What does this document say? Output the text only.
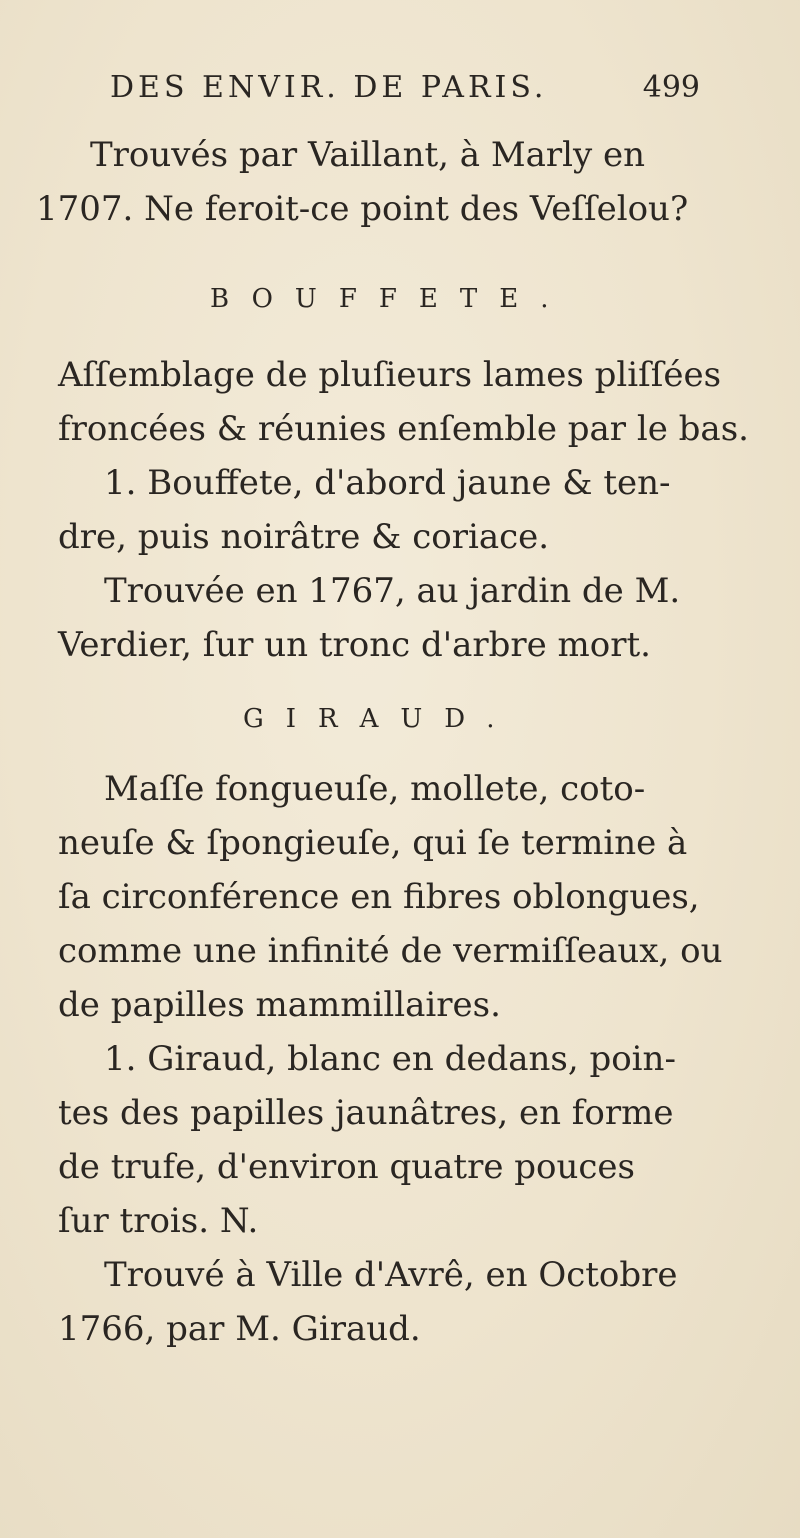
DES ENVIR. DE PARIS.	499
Trouvés par Vaillant, à Marly en
1707. Ne feroit-ce point des Veſſelou?
BOUFFETE.
Aſſemblage de pluſieurs lames pliſſées
froncées & réunies enſemble par le bas.
1. Bouffete, d'abord jaune & ten-
dre, puis noirâtre & coriace.
Trouvée en 1767, au jardin de M.
Verdier, ſur un tronc d'arbre mort.
GIRAUD.
Maſſe fongueuſe, mollete, coto-
neuſe & ſpongieuſe, qui ſe termine à
ſa circonférence en fibres oblongues,
comme une infinité de vermiſſeaux, ou
de papilles mammillaires.
1. Giraud, blanc en dedans, poin-
tes des papilles jaunâtres, en forme
de trufe, d'environ quatre pouces
ſur trois. N.
Trouvé à Ville d'Avrê, en Octobre
1766, par M. Giraud.
